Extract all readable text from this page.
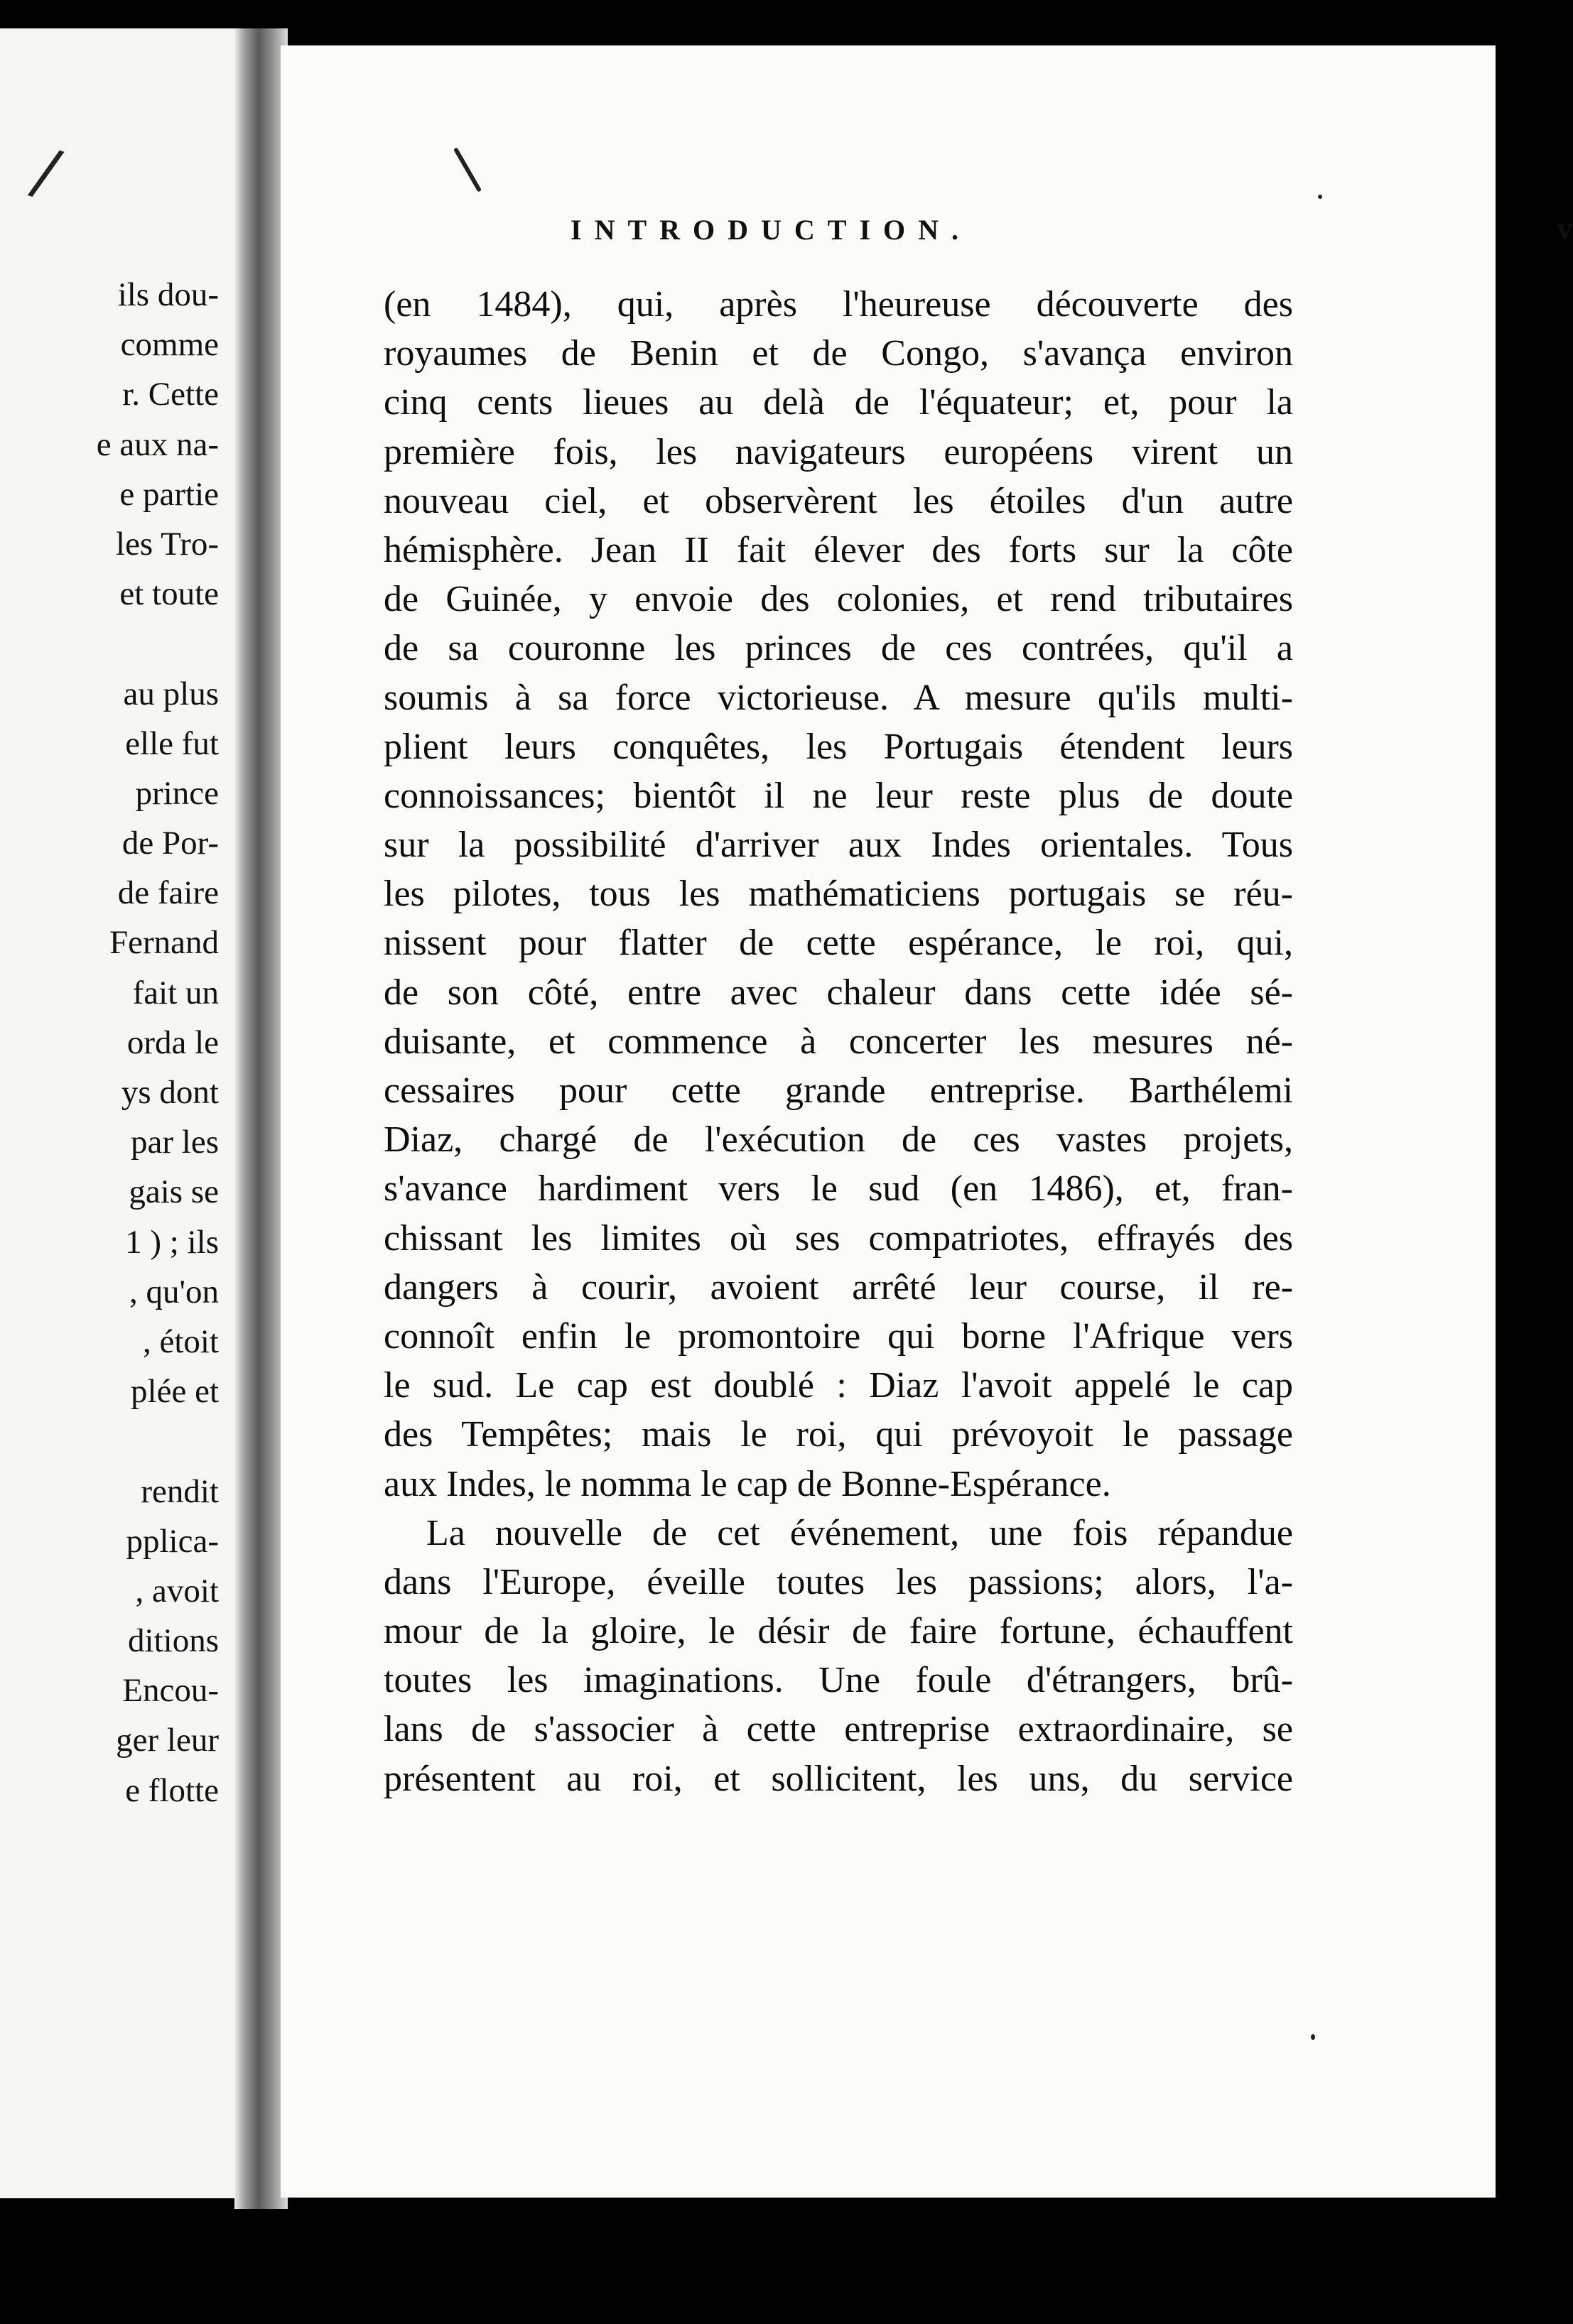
/
ils dou-
comme
r. Cette
e aux na-
e partie
les Tro-
et toute
au plus
elle fut
prince
de Por-
de faire
Fernand
fait un
orda le
ys dont
par les
gais se
1 ) ; ils
, qu'on
, étoit
plée et
rendit
pplica-
, avoit
ditions
Encou-
ger leur
e flotte
INTRODUCTION.	v
(en 1484), qui, après l'heureuse découverte des
royaumes de Benin et de Congo, s'avança environ
cinq cents lieues au delà de l'équateur; et, pour la
première fois, les navigateurs européens virent un
nouveau ciel, et observèrent les étoiles d'un autre
hémisphère. Jean II fait élever des forts sur la côte
de Guinée, y envoie des colonies, et rend tributaires
de sa couronne les princes de ces contrées, qu'il a
soumis à sa force victorieuse. A mesure qu'ils multi-
plient leurs conquêtes, les Portugais étendent leurs
connoissances; bientôt il ne leur reste plus de doute
sur la possibilité d'arriver aux Indes orientales. Tous
les pilotes, tous les mathématiciens portugais se réu-
nissent pour flatter de cette espérance, le roi, qui,
de son côté, entre avec chaleur dans cette idée sé-
duisante, et commence à concerter les mesures né-
cessaires pour cette grande entreprise. Barthélemi
Diaz, chargé de l'exécution de ces vastes projets,
s'avance hardiment vers le sud (en 1486), et, fran-
chissant les limites où ses compatriotes, effrayés des
dangers à courir, avoient arrêté leur course, il re-
connoît enfin le promontoire qui borne l'Afrique vers
le sud. Le cap est doublé : Diaz l'avoit appelé le cap
des Tempêtes; mais le roi, qui prévoyoit le passage
aux Indes, le nomma le cap de Bonne-Espérance.
La nouvelle de cet événement, une fois répandue
dans l'Europe, éveille toutes les passions; alors, l'a-
mour de la gloire, le désir de faire fortune, échauffent
toutes les imaginations. Une foule d'étrangers, brû-
lans de s'associer à cette entreprise extraordinaire, se
présentent au roi, et sollicitent, les uns, du service
